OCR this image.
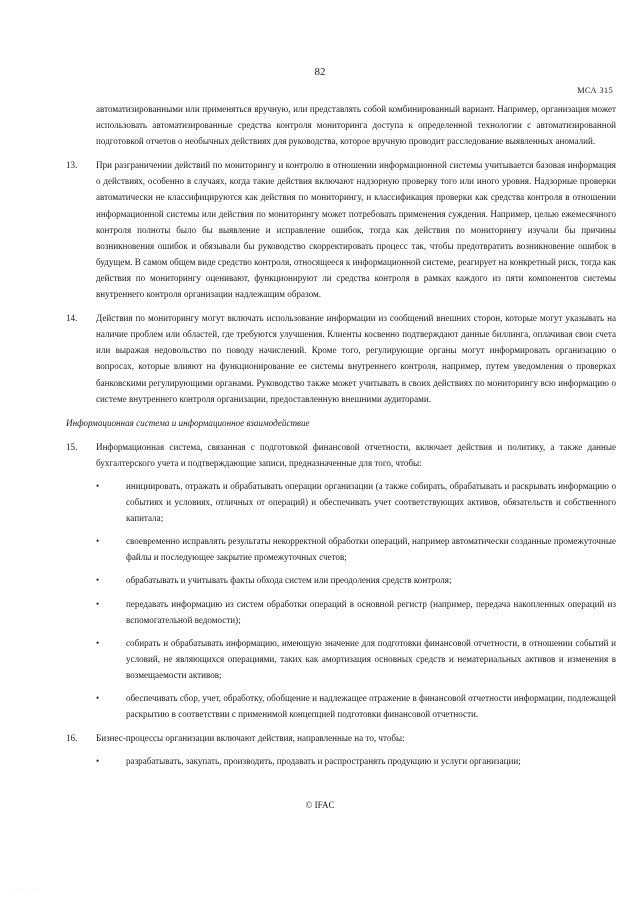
82
МСА 315

автоматизированными или применяться вручную, или представлять собой комбинированный вариант. Например, организация может использовать автоматизированные средства контроля мониторинга доступа к определенной технологии с автоматизированной подготовкой отчетов о необычных действиях для руководства, которое вручную проводит расследование выявленных аномалий.

13.	При разграничении действий по мониторингу и контролю в отношении информационной системы учитывается базовая информация о действиях, особенно в случаях, когда такие действия включают надзорную проверку того или иного уровня. Надзорные проверки автоматически не классифицируются как действия по мониторингу, и классификация проверки как средства контроля в отношении информационной системы или действия по мониторингу может потребовать применения суждения. Например, целью ежемесячного контроля полноты было бы выявление и исправление ошибок, тогда как действия по мониторингу изучали бы причины возникновения ошибок и обязывали бы руководство скорректировать процесс так, чтобы предотвратить возникновение ошибок в будущем. В самом общем виде средство контроля, относящееся к информационной системе, реагирует на конкретный риск, тогда как действия по мониторингу оценивают, функционируют ли средства контроля в рамках каждого из пяти компонентов системы внутреннего контроля организации надлежащим образом.
14.	Действия по мониторингу могут включать использование информации из сообщений внешних сторон, которые могут указывать на наличие проблем или областей, где требуются улучшения. Клиенты косвенно подтверждают данные биллинга, оплачивая свои счета или выражая недовольство по поводу начислений. Кроме того, регулирующие органы могут информировать организацию о вопросах, которые влияют на функционирование ее системы внутреннего контроля, например, путем уведомления о проверках банковскими регулирующими органами. Руководство также может учитывать в своих действиях по мониторингу всю информацию о системе внутреннего контроля организации, предоставленную внешними аудиторами.
Информационная система и информационное взаимодействие
15.	Информационная система, связанная с подготовкой финансовой отчетности, включает действия и политику, а также данные бухгалтерского учета и подтверждающие записи, предназначенные для того, чтобы:
•	инициировать, отражать и обрабатывать операции организации (а также собирать, обрабатывать и раскрывать информацию о событиях и условиях, отличных от операций) и обеспечивать учет соответствующих активов, обязательств и собственного капитала;
•	своевременно исправлять результаты некорректной обработки операций, например автоматически созданные промежуточные файлы и последующее закрытие промежуточных счетов;
•	обрабатывать и учитывать факты обхода систем или преодоления средств контроля;
•	передавать информацию из систем обработки операций в основной регистр (например, передача накопленных операций из вспомогательной ведомости);
•	собирать и обрабатывать информацию, имеющую значение для подготовки финансовой отчетности, в отношении событий и условий, не являющихся операциями, таких как амортизация основных средств и нематериальных активов и изменения в возмещаемости активов;
•	обеспечивать сбор, учет, обработку, обобщение и надлежащее отражение в финансовой отчетности информации, подлежащей раскрытию в соответствии с применимой концепцией подготовки финансовой отчетности.
16.	Бизнес-процессы организации включают действия, направленные на то, чтобы:
•	разрабатывать, закупать, производить, продавать и распространять продукцию и услуги организации;
© IFAC
· · · ·
